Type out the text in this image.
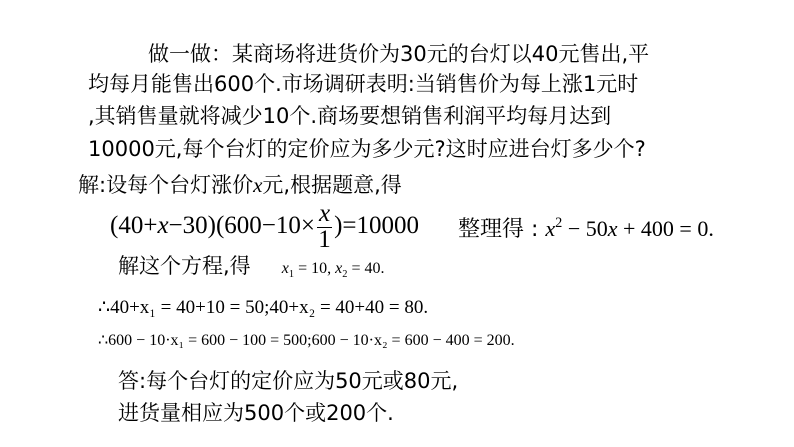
做一做：某商场将进货价为30元的台灯以40元售出,平
均每月能售出600个.市场调研表明:当销售价为每上涨1元时
,其销售量就将减少10个.商场要想销售利润平均每月达到
10000元,每个台灯的定价应为多少元?这时应进台灯多少个?
解:设每个台灯涨价x元,根据题意,得
$(40+ x -30)(600-10\times \frac{x}{1} )=10000$ 整理得 : $x^2 - 50x + 400 = 0$.
解这个方程,得 $x_1 = 10$, $x_2 = 40$.
∴40+x₁ = 40+10 = 50;40+x₂ = 40+40 = 80.
∴600 − 10·x₁ = 600 − 100 = 500;600 − 10·x₂ = 600 − 400 = 200.
答:每个台灯的定价应为50元或80元,
进货量相应为500个或200个.
